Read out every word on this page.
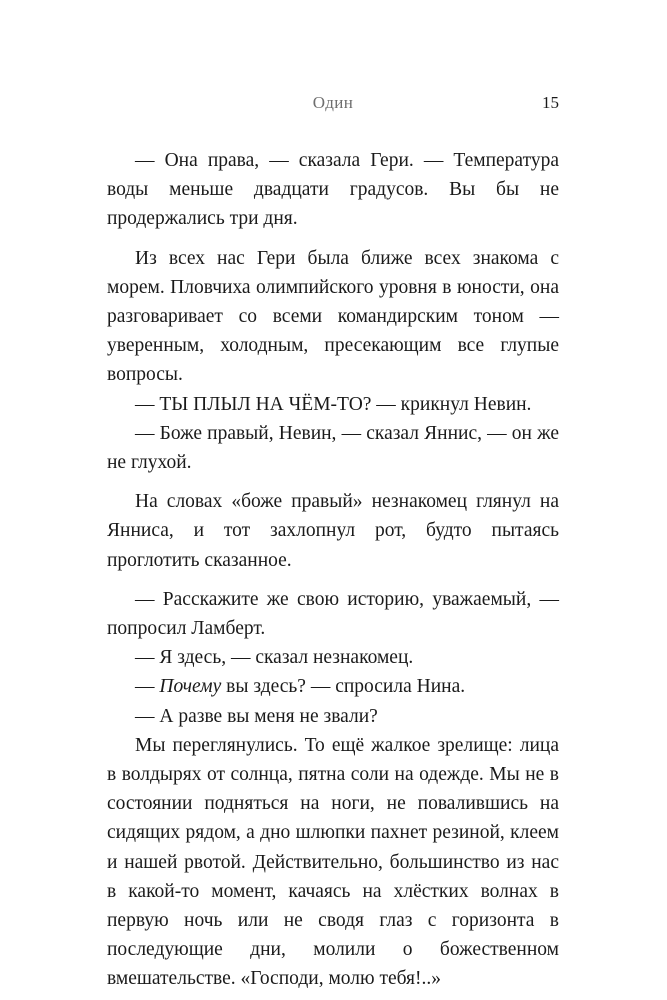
Один	15

— Она права, — сказала Гери. — Температура воды меньше двадцати градусов. Вы бы не продержались три дня.

Из всех нас Гери была ближе всех знакома с морем. Пловчиха олимпийского уровня в юности, она разговаривает со всеми командирским тоном — уверенным, холодным, пресекающим все глупые вопросы.

— ТЫ ПЛЫЛ НА ЧЁМ-ТО? — крикнул Невин.

— Боже правый, Невин, — сказал Яннис, — он же не глухой.

На словах «боже правый» незнакомец глянул на Янниса, и тот захлопнул рот, будто пытаясь проглотить сказанное.

— Расскажите же свою историю, уважаемый, — попросил Ламберт.

— Я здесь, — сказал незнакомец.

— Почему вы здесь? — спросила Нина.

— А разве вы меня не звали?

Мы переглянулись. То ещё жалкое зрелище: лица в волдырях от солнца, пятна соли на одежде. Мы не в состоянии подняться на ноги, не повалившись на сидящих рядом, а дно шлюпки пахнет резиной, клеем и нашей рвотой. Действительно, большинство из нас в какой-то момент, качаясь на хлёстких волнах в первую ночь или не сводя глаз с горизонта в последующие дни, молили о божественном вмешательстве. «Господи, молю тебя!..»
